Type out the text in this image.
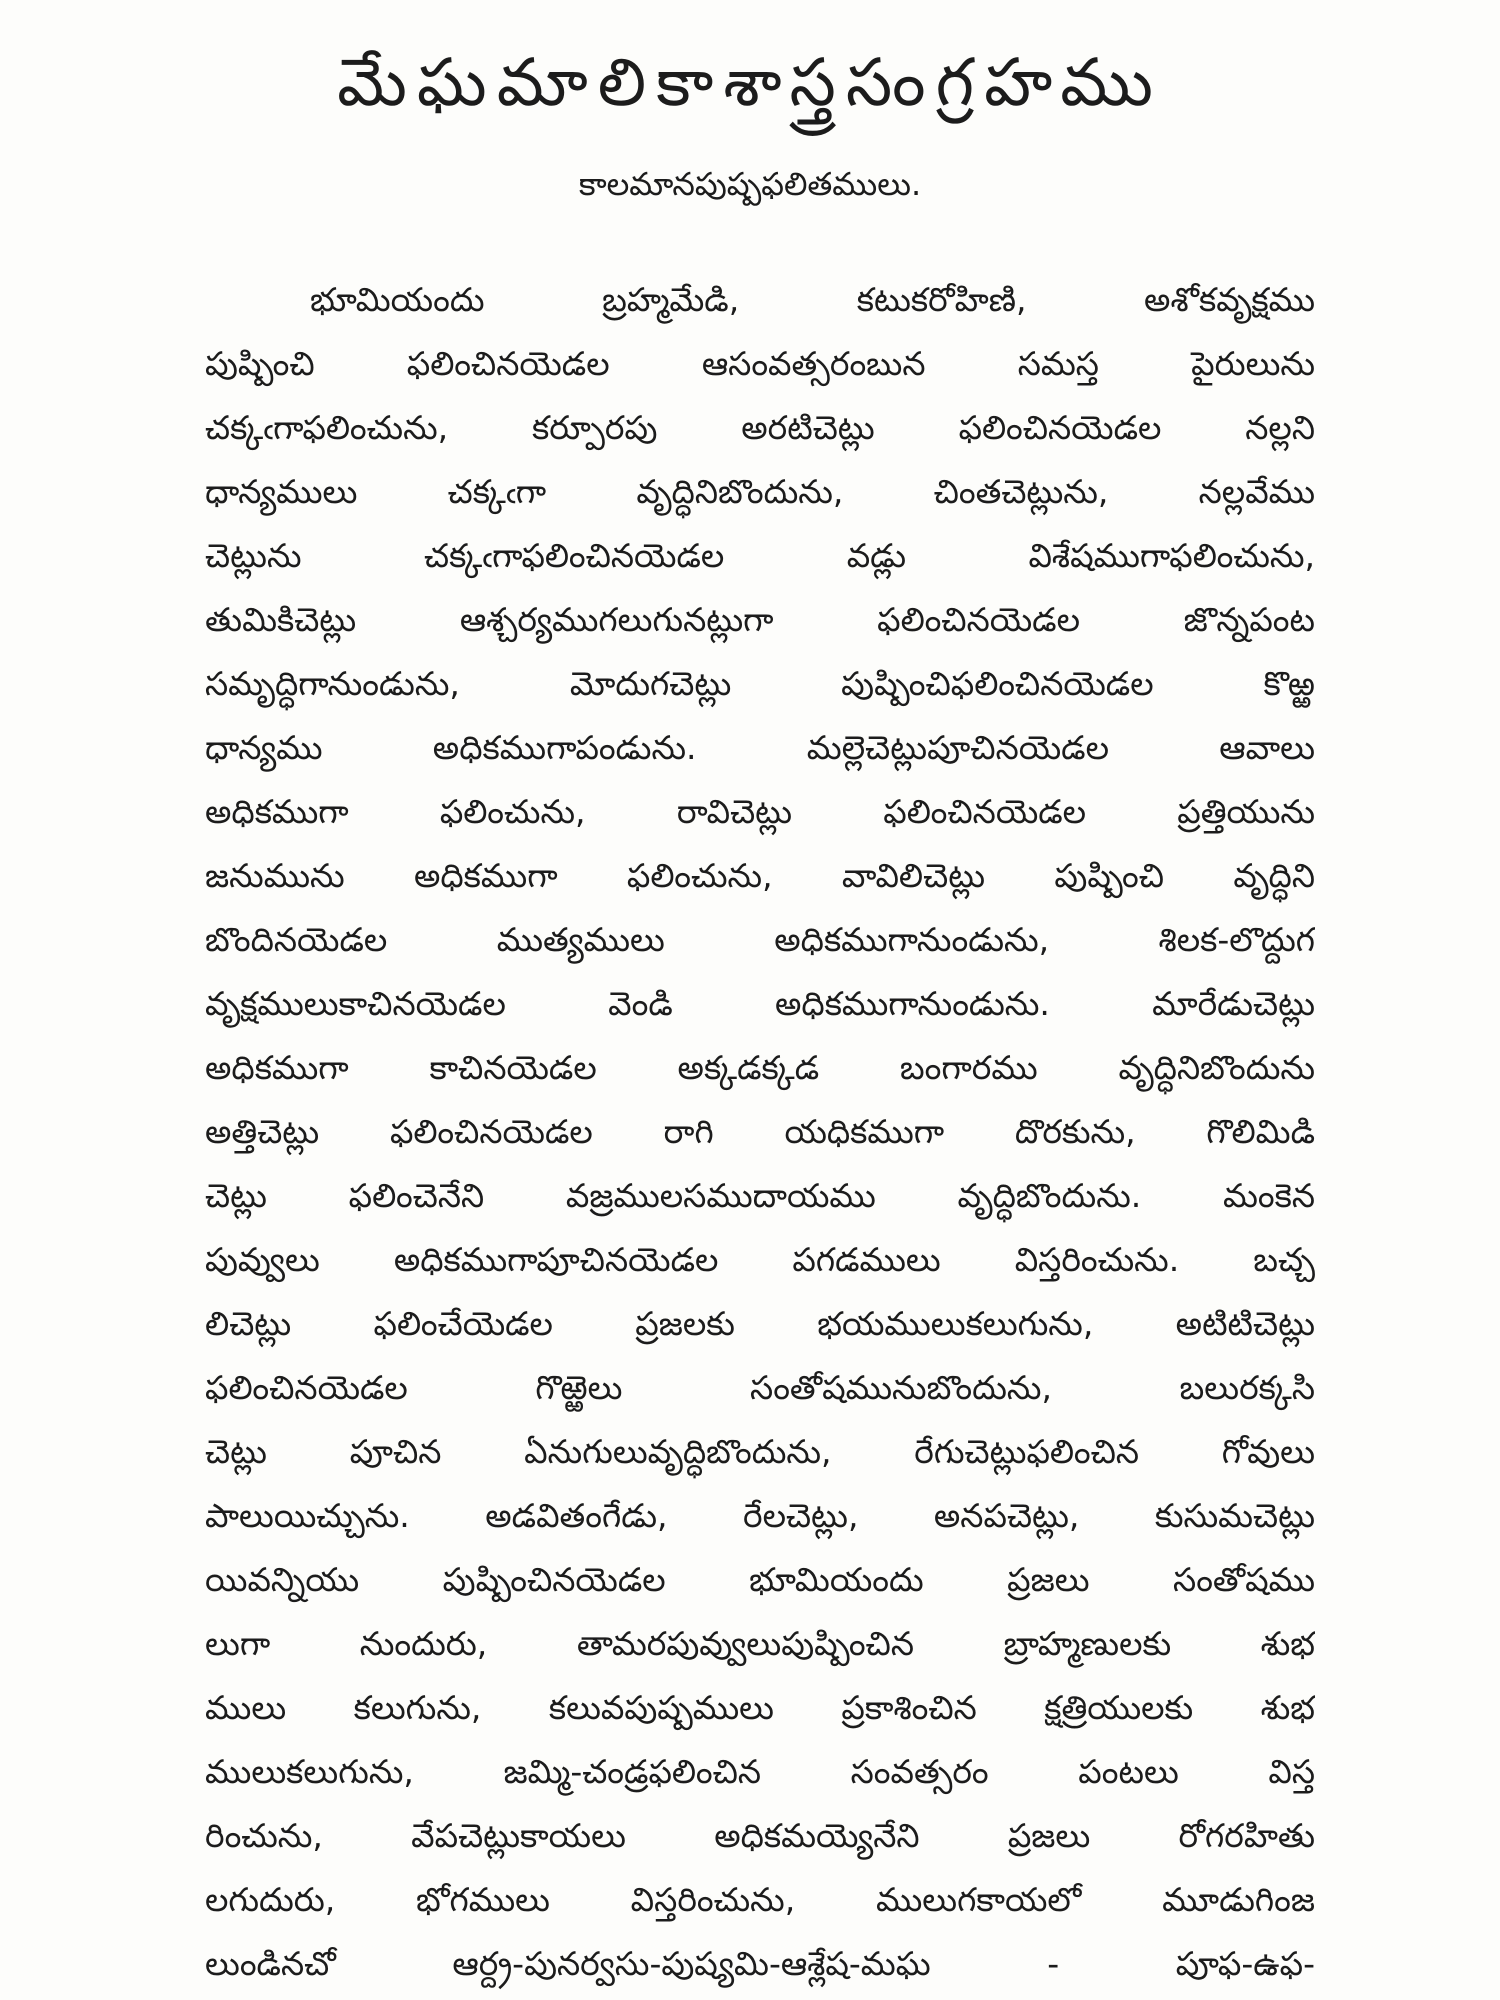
మేఘమాలికాశాస్త్రసంగ్రహము
కాలమానపుష్పఫలితములు.
భూమియందు బ్రహ్మమేడి, కటుకరోహిణి, అశోకవృక్షము
పుష్పించి ఫలించినయెడల ఆసంవత్సరంబున సమస్త పైరులును
చక్కఁగాఫలించును, కర్పూరపు అరటిచెట్లు ఫలించినయెడల నల్లని
ధాన్యములు చక్కఁగా వృద్ధినిబొందును, చింతచెట్లును, నల్లవేము
చెట్లును చక్కఁగాఫలించినయెడల వడ్లు విశేషముగాఫలించును,
తుమికిచెట్లు ఆశ్చర్యముగలుగునట్లుగా ఫలించినయెడల జొన్నపంట
సమృద్ధిగానుండును, మోదుగచెట్లు పుష్పించిఫలించినయెడల కొఱ్ఱ
ధాన్యము అధికముగాపండును. మల్లెచెట్లుపూచినయెడల ఆవాలు
అధికముగా ఫలించును, రావిచెట్లు ఫలించినయెడల ప్రత్తియును
జనుమును అధికముగా ఫలించును, వావిలిచెట్లు పుష్పించి వృద్ధిని
బొందినయెడల ముత్యములు అధికముగానుండును, శిలక-లొద్దుగ
వృక్షములుకాచినయెడల వెండి అధికముగానుండును. మారేడుచెట్లు
అధికముగా కాచినయెడల అక్కడక్కడ బంగారము వృద్ధినిబొందును
అత్తిచెట్లు ఫలించినయెడల రాగి యధికముగా దొరకును, గొలిమిడి
చెట్లు ఫలించెనేని వజ్రములసముదాయము వృద్ధిబొందును. మంకెన
పువ్వులు అధికముగాపూచినయెడల పగడములు విస్తరించును. బచ్చ
లిచెట్లు ఫలించేయెడల ప్రజలకు భయములుకలుగును, అటిటిచెట్లు
ఫలించినయెడల గొఱ్ఱెలు సంతోషమునుబొందును, బలురక్కసి
చెట్లు పూచిన ఏనుగులువృద్ధిబొందును, రేగుచెట్లుఫలించిన గోవులు
పాలుయిచ్చును. అడవితంగేడు, రేలచెట్లు, అనపచెట్లు, కుసుమచెట్లు
యివన్నియు పుష్పించినయెడల భూమియందు ప్రజలు సంతోషము
లుగా నుందురు, తామరపువ్వులుపుష్పించిన బ్రాహ్మణులకు శుభ
ములు కలుగును, కలువపుష్పములు ప్రకాశించిన క్షత్రియులకు శుభ
ములుకలుగును, జమ్మి-చండ్రఫలించిన సంవత్సరం పంటలు విస్త
రించును, వేపచెట్లుకాయలు అధికమయ్యెనేని ప్రజలు రోగరహితు
లగుదురు, భోగములు విస్తరించును, ములుగకాయలో మూడుగింజ
లుండినచో ఆర్ద్ర-పునర్వసు-పుష్యమి-ఆశ్లేష-మఘ - పూఫ-ఉఫ-
